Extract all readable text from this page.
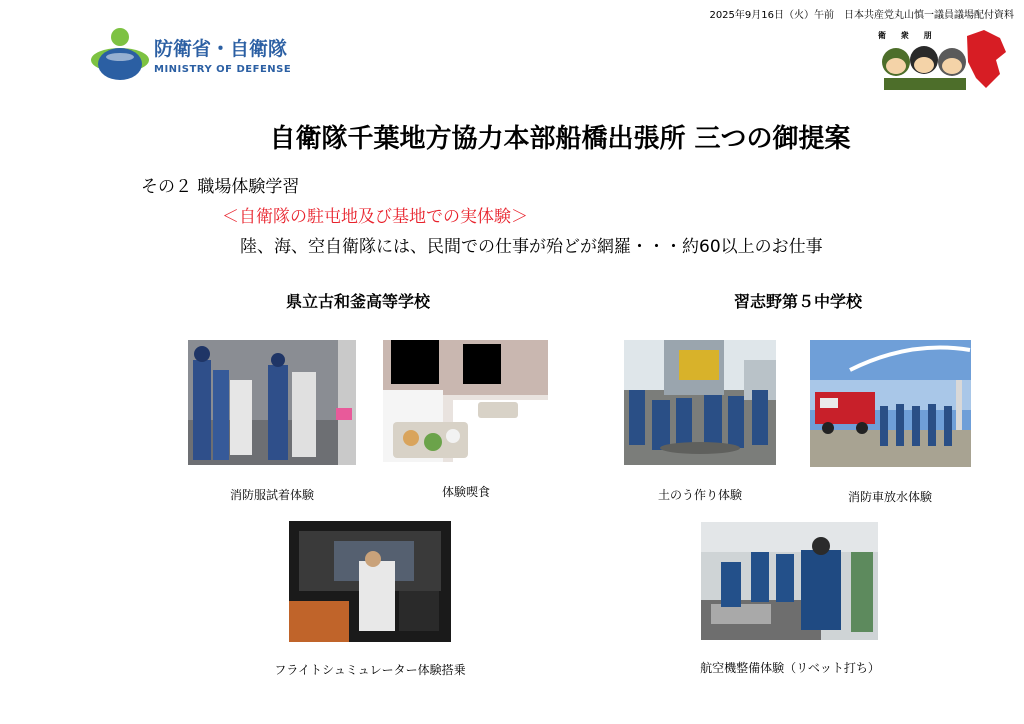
2025年9月16日（火）午前　日本共産党丸山慎一議員議場配付資料
防衛省・自衛隊
MINISTRY OF DEFENSE
衛 衆 朋
自衛隊千葉地方協力本部船橋出張所 三つの御提案
その２ 職場体験学習
＜自衛隊の駐屯地及び基地での実体験＞
陸、海、空自衛隊には、民間での仕事が殆どが網羅・・・約60以上のお仕事
県立古和釜高等学校	習志野第５中学校
消防服試着体験	体験喫食
フライトシュミュレーター体験搭乗
土のう作り体験	消防車放水体験
航空機整備体験（リベット打ち）
